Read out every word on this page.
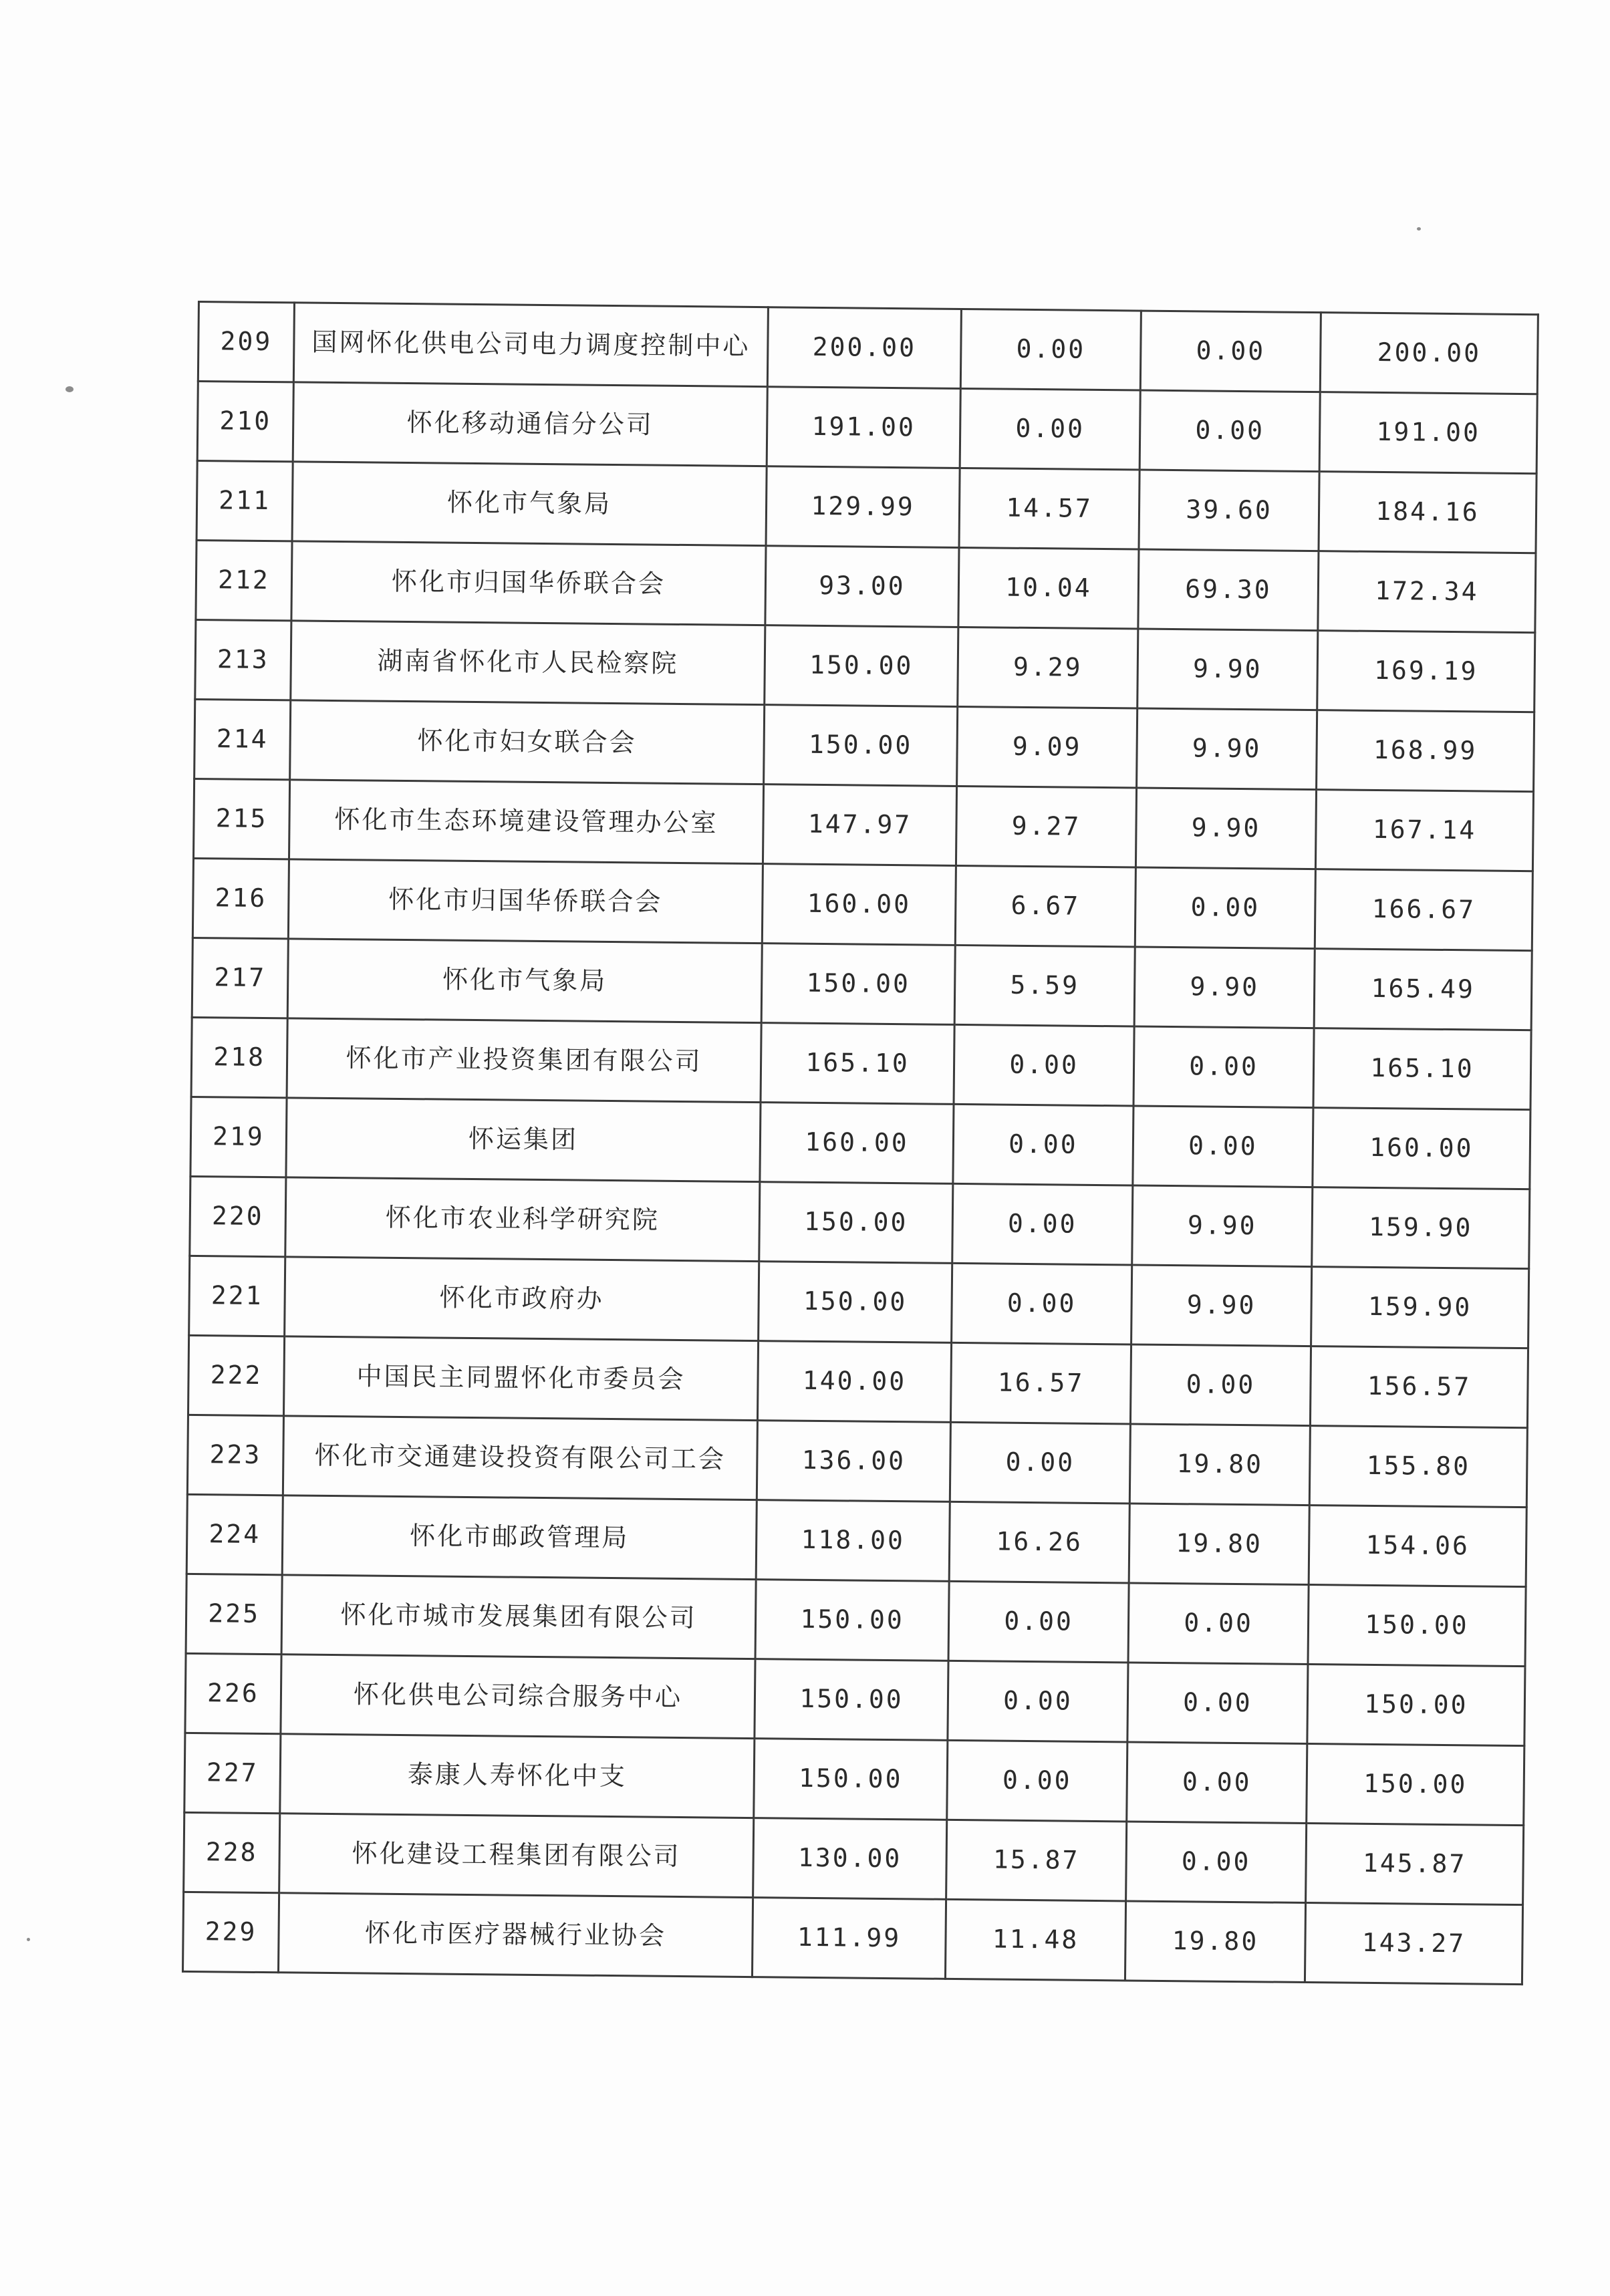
209	国网怀化供电公司电力调度控制中心	200.00	0.00	0.00	200.00
210	怀化移动通信分公司	191.00	0.00	0.00	191.00
211	怀化市气象局	129.99	14.57	39.60	184.16
212	怀化市归国华侨联合会	93.00	10.04	69.30	172.34
213	湖南省怀化市人民检察院	150.00	9.29	9.90	169.19
214	怀化市妇女联合会	150.00	9.09	9.90	168.99
215	怀化市生态环境建设管理办公室	147.97	9.27	9.90	167.14
216	怀化市归国华侨联合会	160.00	6.67	0.00	166.67
217	怀化市气象局	150.00	5.59	9.90	165.49
218	怀化市产业投资集团有限公司	165.10	0.00	0.00	165.10
219	怀运集团	160.00	0.00	0.00	160.00
220	怀化市农业科学研究院	150.00	0.00	9.90	159.90
221	怀化市政府办	150.00	0.00	9.90	159.90
222	中国民主同盟怀化市委员会	140.00	16.57	0.00	156.57
223	怀化市交通建设投资有限公司工会	136.00	0.00	19.80	155.80
224	怀化市邮政管理局	118.00	16.26	19.80	154.06
225	怀化市城市发展集团有限公司	150.00	0.00	0.00	150.00
226	怀化供电公司综合服务中心	150.00	0.00	0.00	150.00
227	泰康人寿怀化中支	150.00	0.00	0.00	150.00
228	怀化建设工程集团有限公司	130.00	15.87	0.00	145.87
229	怀化市医疗器械行业协会	111.99	11.48	19.80	143.27
